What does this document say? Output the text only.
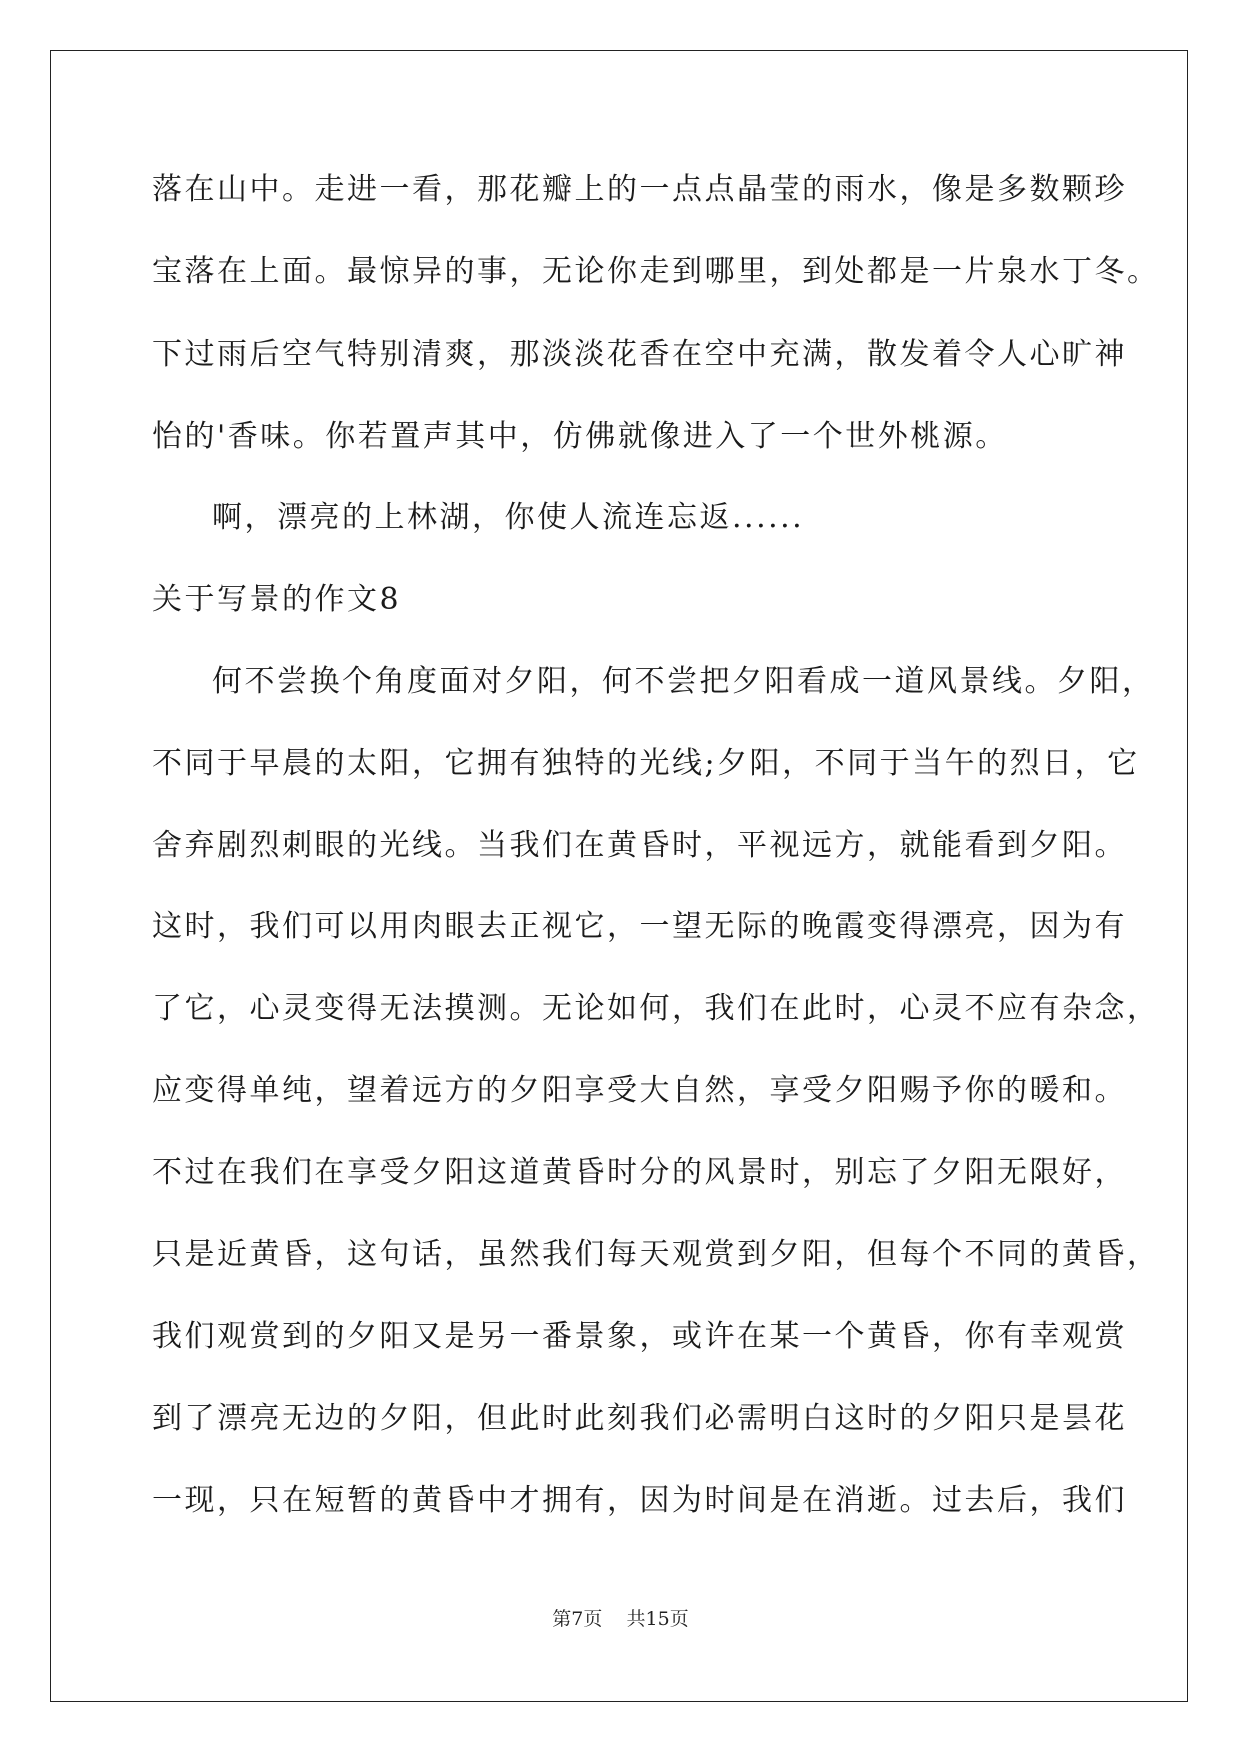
落在山中。走进一看，那花瓣上的一点点晶莹的雨水，像是多数颗珍
宝落在上面。最惊异的事，无论你走到哪里，到处都是一片泉水丁冬。
下过雨后空气特别清爽，那淡淡花香在空中充满，散发着令人心旷神
怡的'香味。你若置声其中，仿佛就像进入了一个世外桃源。
啊，漂亮的上林湖，你使人流连忘返......
关于写景的作文8
何不尝换个角度面对夕阳，何不尝把夕阳看成一道风景线。夕阳，
不同于早晨的太阳，它拥有独特的光线;夕阳，不同于当午的烈日，它
舍弃剧烈刺眼的光线。当我们在黄昏时，平视远方，就能看到夕阳。
这时，我们可以用肉眼去正视它，一望无际的晚霞变得漂亮，因为有
了它，心灵变得无法摸测。无论如何，我们在此时，心灵不应有杂念，
应变得单纯，望着远方的夕阳享受大自然，享受夕阳赐予你的暖和。
不过在我们在享受夕阳这道黄昏时分的风景时，别忘了夕阳无限好，
只是近黄昏，这句话，虽然我们每天观赏到夕阳，但每个不同的黄昏，
我们观赏到的夕阳又是另一番景象，或许在某一个黄昏，你有幸观赏
到了漂亮无边的夕阳，但此时此刻我们必需明白这时的夕阳只是昙花
一现，只在短暂的黄昏中才拥有，因为时间是在消逝。过去后，我们
第7页 共15页
